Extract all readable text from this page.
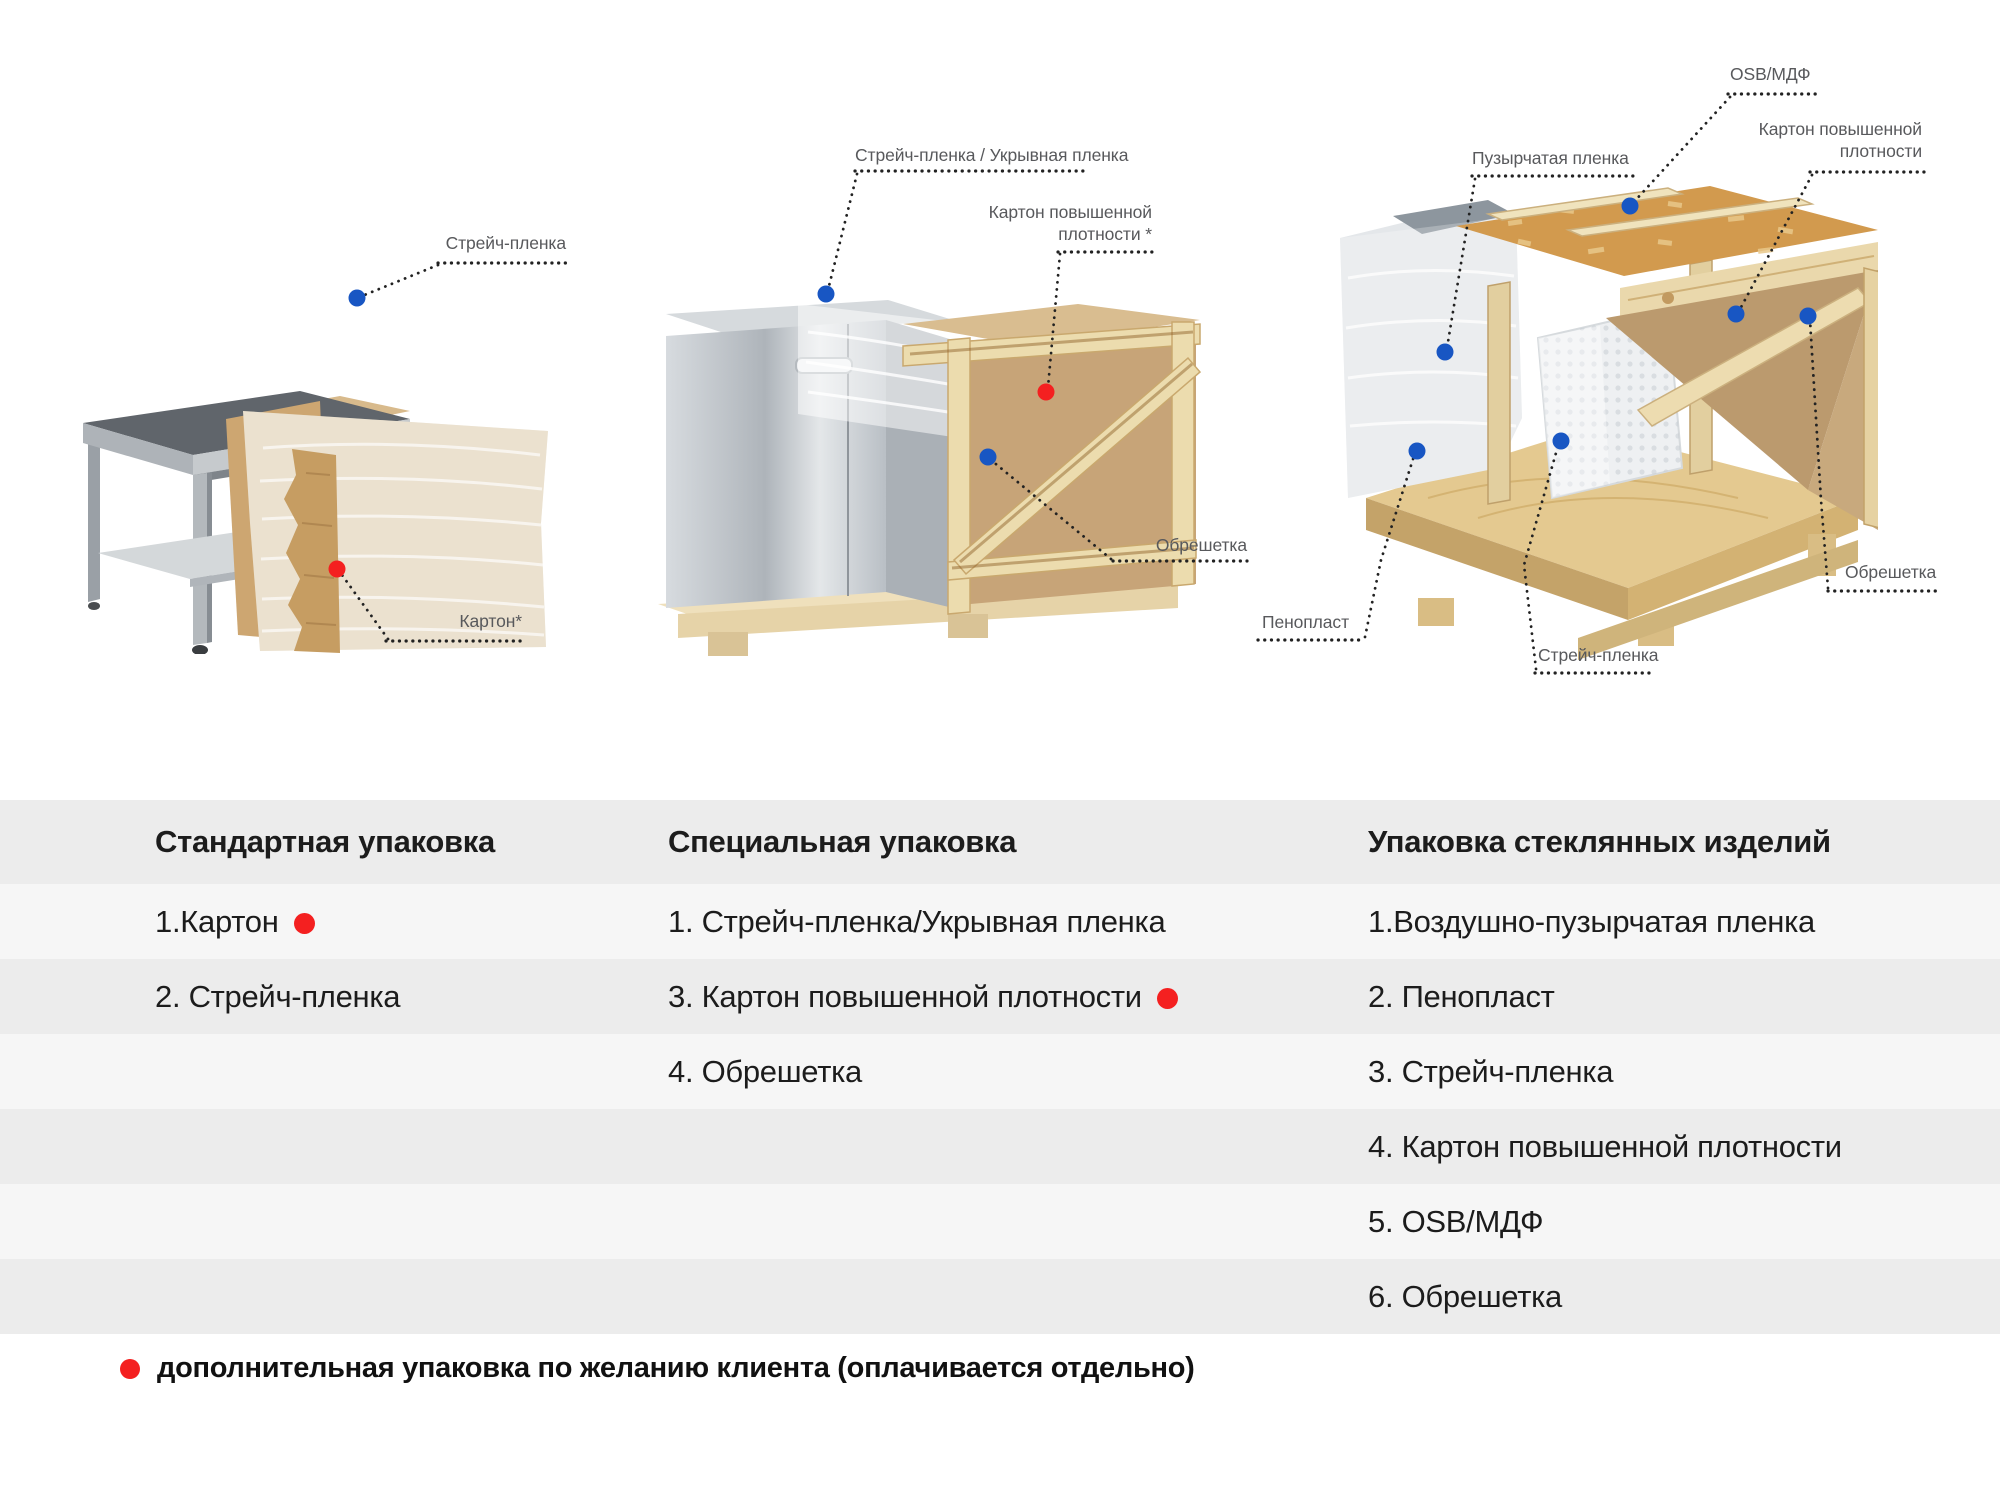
Стрейч-пленка
Картон*
Стрейч-пленка / Укрывная пленка
Картон повышенной
плотности *
Обрешетка
Пузырчатая пленка
OSB/МДФ
Картон повышенной
плотности
Обрешетка
Стрейч-пленка
Пенопласт
Стандартная упаковка
1.Картон
2. Стрейч-пленка
Специальная упаковка
1. Стрейч-пленка/Укрывная пленка
3. Картон повышенной плотности
4. Обрешетка
Упаковка стеклянных изделий
1.Воздушно-пузырчатая пленка
2. Пенопласт
3. Стрейч-пленка
4. Картон повышенной плотности
5. OSB/МДФ
6. Обрешетка
дополнительная упаковка по желанию клиента (оплачивается отдельно)
